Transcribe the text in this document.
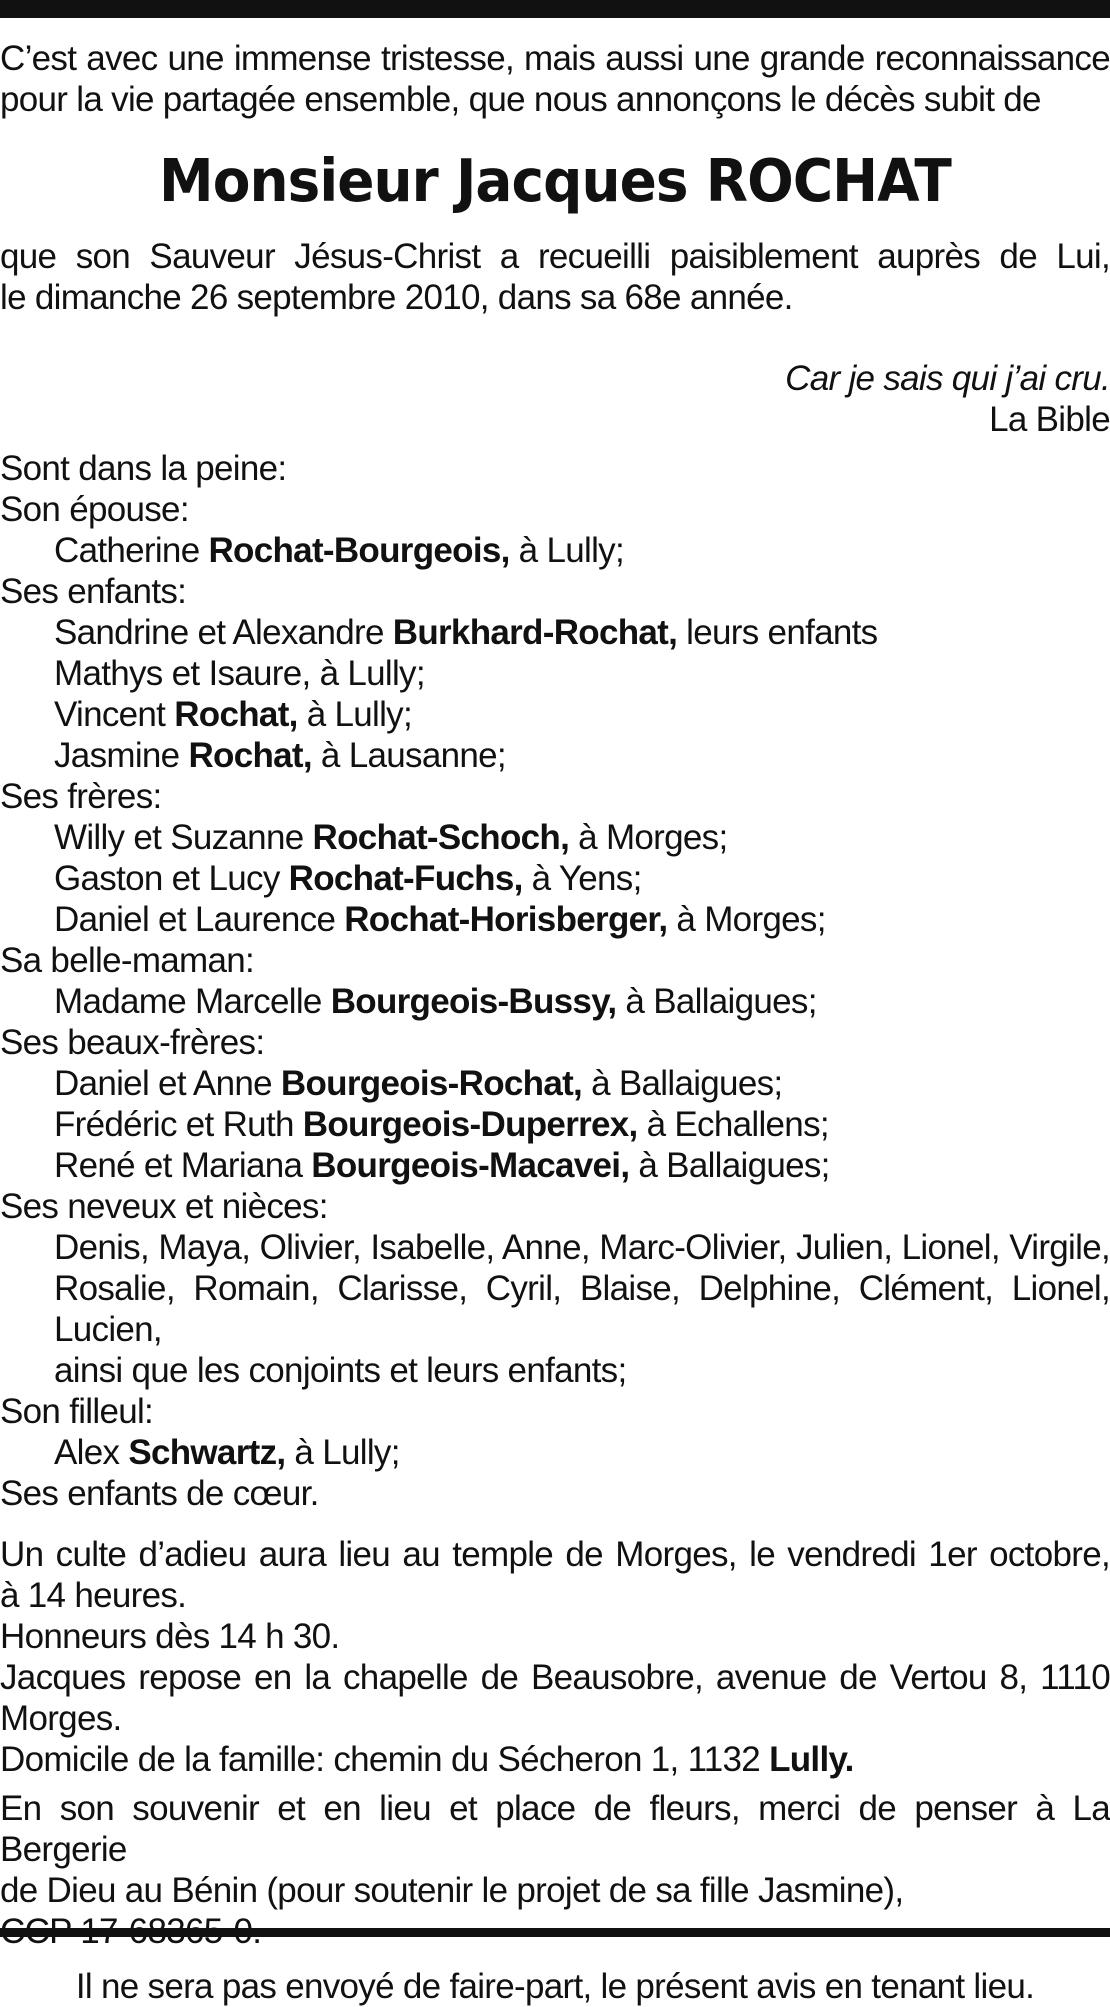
C’est avec une immense tristesse, mais aussi une grande reconnaissance

pour la vie partagée ensemble, que nous annonçons le décès subit de

Monsieur Jacques ROCHAT

que son Sauveur Jésus-Christ a recueilli paisiblement auprès de Lui,

le dimanche 26 septembre 2010, dans sa 68e année.

Car je sais qui j’ai cru.

La Bible

Sont dans la peine:

Son épouse:

Catherine Rochat-Bourgeois, à Lully;

Ses enfants:

Sandrine et Alexandre Burkhard-Rochat, leurs enfants

Mathys et Isaure, à Lully;

Vincent Rochat, à Lully;

Jasmine Rochat, à Lausanne;

Ses frères:

Willy et Suzanne Rochat-Schoch, à Morges;

Gaston et Lucy Rochat-Fuchs, à Yens;

Daniel et Laurence Rochat-Horisberger, à Morges;

Sa belle-maman:

Madame Marcelle Bourgeois-Bussy, à Ballaigues;

Ses beaux-frères:

Daniel et Anne Bourgeois-Rochat, à Ballaigues;

Frédéric et Ruth Bourgeois-Duperrex, à Echallens;

René et Mariana Bourgeois-Macavei, à Ballaigues;

Ses neveux et nièces:

Denis, Maya, Olivier, Isabelle, Anne, Marc-Olivier, Julien, Lionel, Virgile,

Rosalie, Romain, Clarisse, Cyril, Blaise, Delphine, Clément, Lionel, Lucien,

ainsi que les conjoints et leurs enfants;

Son filleul:

Alex Schwartz, à Lully;

Ses enfants de cœur.

Un culte d’adieu aura lieu au temple de Morges, le vendredi 1er octobre,

à 14 heures.

Honneurs dès 14 h 30.

Jacques repose en la chapelle de Beausobre, avenue de Vertou 8, 1110

Morges.

Domicile de la famille: chemin du Sécheron 1, 1132 Lully.

En son souvenir et en lieu et place de fleurs, merci de penser à La Bergerie

de Dieu au Bénin (pour soutenir le projet de sa fille Jasmine),

Il ne sera pas envoyé de faire-part, le présent avis en tenant lieu.
